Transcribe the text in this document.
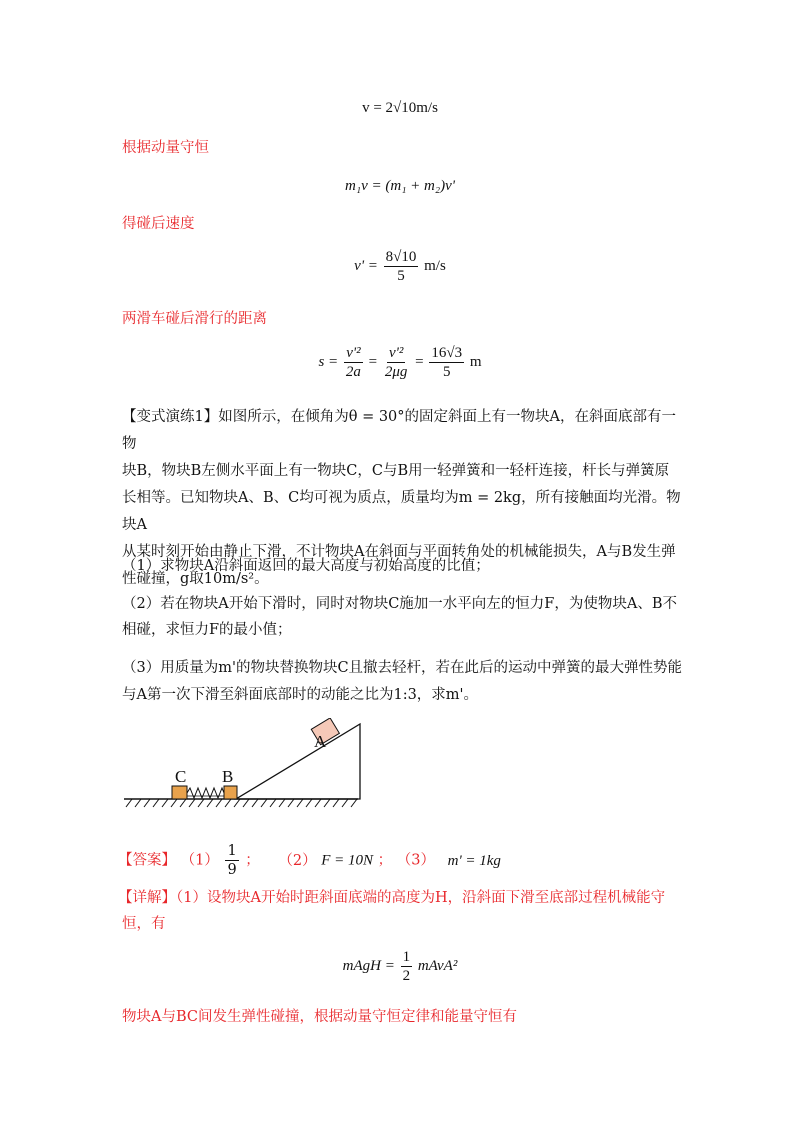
v = 2√10m/s
根据动量守恒
m₁v = (m₁ + m₂)v'
得碰后速度
$v' = \frac{8√10}{5} m/s$
两滑车碰后滑行的距离
$s = \frac{\text{v'²}}{2a} = \frac{\text{v'²}}{2\mu g} = \frac{16√3}{5}$ m
【变式演练1】如图所示，在倾角为θ = 30°的固定斜面上有一物块A，在斜面底部有一物
块B，物块B左侧水平面上有一物块C，C与B用一轻弹簧和一轻杆连接，杆长与弹簧原
长相等。已知物块A、B、C均可视为质点，质量均为m = 2kg，所有接触面均光滑。物块A
从某时刻开始由静止下滑，不计物块A在斜面与平面转角处的机械能损失，A与B发生弹
性碰撞，g取10m/s²。
（1）求物块A沿斜面返回的最大高度与初始高度的比值；
（2）若在物块A开始下滑时，同时对物块C施加一水平向左的恒力F，为使物块A、B不
相碰，求恒力F的最小值；
（3）用质量为m'的物块替换物块C且撤去轻杆，若在此后的运动中弹簧的最大弹性势能
与A第一次下滑至斜面底部时的动能之比为1:3，求m'。
A
C B
【答案】 $(1) \frac{1}{9}$ ； （2） F = 10N ； （3） m' = 1kg
【详解】（1）设物块A开始时距斜面底端的高度为H，沿斜面下滑至底部过程机械能守
恒，有
mAgH = $\frac{1}{2}$ mAvA²
物块A与BC间发生弹性碰撞，根据动量守恒定律和能量守恒有
